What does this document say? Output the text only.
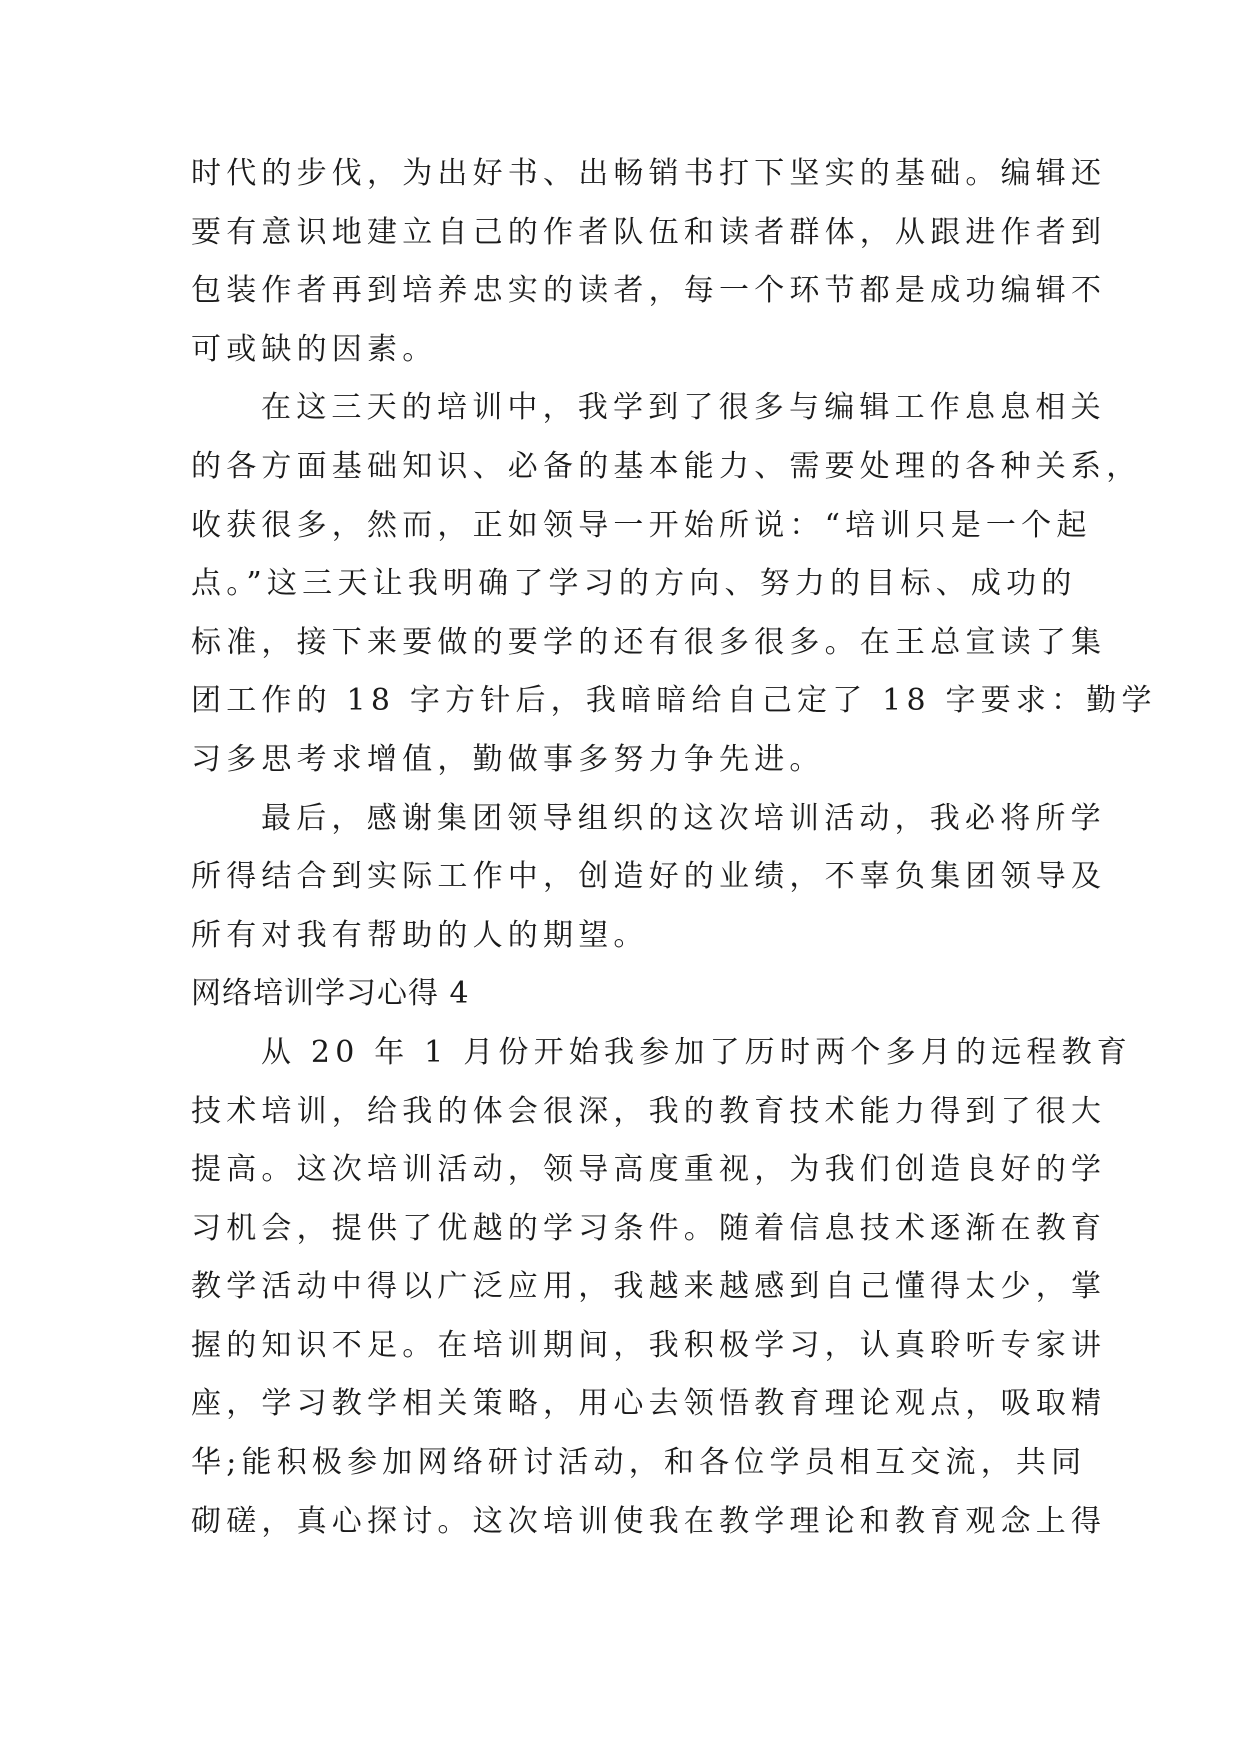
时代的步伐，为出好书、出畅销书打下坚实的基础。编辑还
要有意识地建立自己的作者队伍和读者群体，从跟进作者到
包装作者再到培养忠实的读者，每一个环节都是成功编辑不
可或缺的因素。
在这三天的培训中，我学到了很多与编辑工作息息相关
的各方面基础知识、必备的基本能力、需要处理的各种关系，
收获很多，然而，正如领导一开始所说：“培训只是一个起
点。”这三天让我明确了学习的方向、努力的目标、成功的
标准，接下来要做的要学的还有很多很多。在王总宣读了集
团工作的 18 字方针后，我暗暗给自己定了 18 字要求：勤学
习多思考求增值，勤做事多努力争先进。
最后，感谢集团领导组织的这次培训活动，我必将所学
所得结合到实际工作中，创造好的业绩，不辜负集团领导及
所有对我有帮助的人的期望。
网络培训学习心得 4
从 20 年 1 月份开始我参加了历时两个多月的远程教育
技术培训，给我的体会很深，我的教育技术能力得到了很大
提高。这次培训活动，领导高度重视，为我们创造良好的学
习机会，提供了优越的学习条件。随着信息技术逐渐在教育
教学活动中得以广泛应用，我越来越感到自己懂得太少，掌
握的知识不足。在培训期间，我积极学习，认真聆听专家讲
座，学习教学相关策略，用心去领悟教育理论观点，吸取精
华;能积极参加网络研讨活动，和各位学员相互交流，共同
砌磋，真心探讨。这次培训使我在教学理论和教育观念上得
